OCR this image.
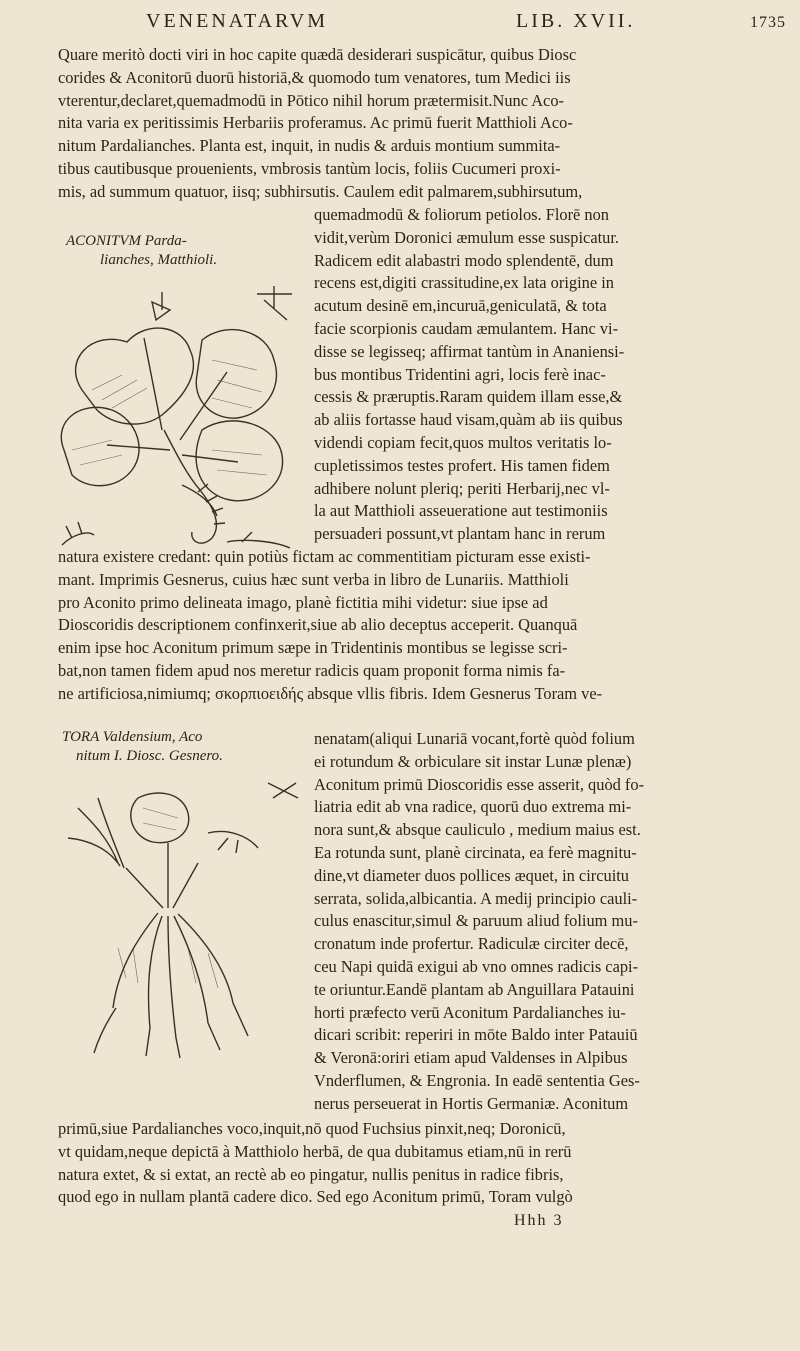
VENENATARVM	LIB. XVII.	1735
Quare meritò docti viri in hoc capite quædā desiderari suspicātur, quibus Diosc
corides & Aconitorū duorū historiā,& quomodo tum venatores, tum Medici iis
vterentur,declaret,quemadmodū in Pōtico nihil horum prætermisit.Nunc Aco-
nita varia ex peritissimis Herbariis proferamus. Ac primū fuerit Matthioli Aco-
nitum Pardalianches. Planta est, inquit, in nudis & arduis montium summita-
tibus cautibusque prouenients, vmbrosis tantùm locis, foliis Cucumeri proxi-
mis, ad summum quatuor, iisq; subhirsutis. Caulem edit palmarem,subhirsutum,
ACONITVM Parda-
lianches, Matthioli.
quemadmodū & foliorum petiolos. Florē non
vidit,verùm Doronici æmulum esse suspicatur.
Radicem edit alabastri modo splendentē, dum
recens est,digiti crassitudine,ex lata origine in
acutum desinē em,incuruā,geniculatā, & tota
facie scorpionis caudam æmulantem. Hanc vi-
disse se legisseq; affirmat tantùm in Ananiensi-
bus montibus Tridentini agri, locis ferè inac-
cessis & præruptis.Raram quidem illam esse,&
ab aliis fortasse haud visam,quàm ab iis quibus
videndi copiam fecit,quos multos veritatis lo-
cupletissimos testes profert. His tamen fidem
adhibere nolunt pleriq; periti Herbarij,nec vl-
la aut Matthioli asseueratione aut testimoniis
persuaderi possunt,vt plantam hanc in rerum
natura existere credant: quin potiùs fictam ac commentitiam picturam esse existi-
mant. Imprimis Gesnerus, cuius hæc sunt verba in libro de Lunariis. Matthioli
pro Aconito primo delineata imago, planè fictitia mihi videtur: siue ipse ad
Dioscoridis descriptionem confinxerit,siue ab alio deceptus acceperit. Quanquā
enim ipse hoc Aconitum primum sæpe in Tridentinis montibus se legisse scri-
bat,non tamen fidem apud nos meretur radicis quam proponit forma nimis fa-
ne artificiosa,nimiumq; σκορπιοειδής absque vllis fibris. Idem Gesnerus Toram ve-
TORA Valdensium, Aco
nitum I. Diosc. Gesnero.
nenatam(aliqui Lunariā vocant,fortè quòd folium
ei rotundum & orbiculare sit instar Lunæ plenæ)
Aconitum primū Dioscoridis esse asserit, quòd fo-
liatria edit ab vna radice, quorū duo extrema mi-
nora sunt,& absque cauliculo , medium maius est.
Ea rotunda sunt, planè circinata, ea ferè magnitu-
dine,vt diameter duos pollices æquet, in circuitu
serrata, solida,albicantia. A medij principio cauli-
culus enascitur,simul & paruum aliud folium mu-
cronatum inde profertur. Radiculæ circiter decē,
ceu Napi quidā exigui ab vno omnes radicis capi-
te oriuntur.Eandē plantam ab Anguillara Patauini
horti præfecto verū Aconitum Pardalianches iu-
dicari scribit: reperiri in mōte Baldo inter Patauiū
& Veronā:oriri etiam apud Valdenses in Alpibus
Vnderflumen, & Engronia. In eadē sententia Ges-
nerus perseuerat in Hortis Germaniæ. Aconitum
primū,siue Pardalianches voco,inquit,nō quod Fuchsius pinxit,neq; Doronicū,
vt quidam,neque depictā à Matthiolo herbā, de qua dubitamus etiam,nū in rerū
natura extet, & si extat, an rectè ab eo pingatur, nullis penitus in radice fibris,
quod ego in nullam plantā cadere dico. Sed ego Aconitum primū, Toram vulgò
Hhh 3
